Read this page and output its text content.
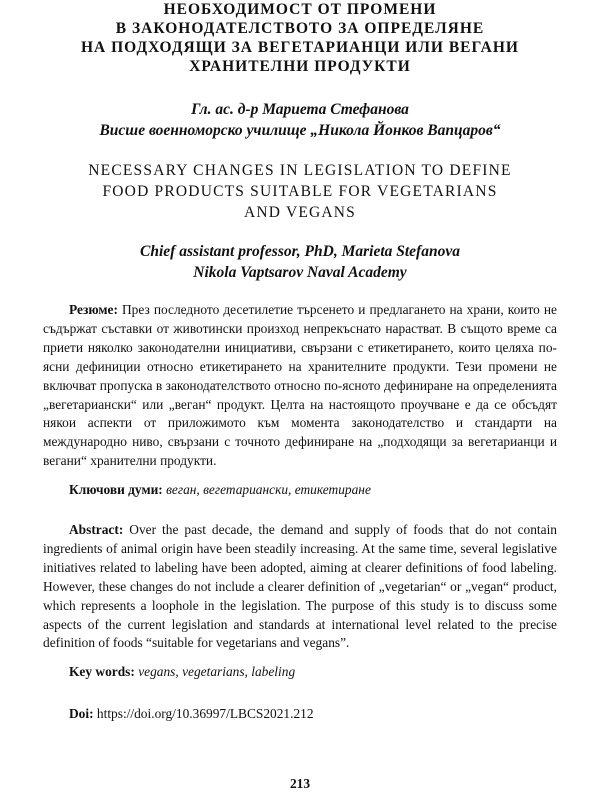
НЕОБХОДИМОСТ ОТ ПРОМЕНИ
В ЗАКОНОДАТЕЛСТВОТО ЗА ОПРЕДЕЛЯНЕ
НА ПОДХОДЯЩИ ЗА ВЕГЕТАРИАНЦИ ИЛИ ВЕГАНИ
ХРАНИТЕЛНИ ПРОДУКТИ
Гл. ас. д-р Мариета Стефанова
Висше военноморско училище „Никола Йонков Вапцаров“
NECESSARY CHANGES IN LEGISLATION TO DEFINE
FOOD PRODUCTS SUITABLE FOR VEGETARIANS
AND VEGANS
Chief assistant professor, PhD, Marieta Stefanova
Nikola Vaptsarov Naval Academy

Резюме: През последното десетилетие търсенето и предлагането на храни, които не съдържат съставки от животински произход непрекъснато нарастват. В същото време са приети няколко законодателни инициативи, свързани с етикетирането, които целяха по-ясни дефиниции относно етикетирането на хранителните продукти. Тези промени не включват пропуска в законодателството относно по-ясното дефиниране на определенията „вегетариански“ или „веган“ продукт. Целта на настоящото проучване е да се обсъдят някои аспекти от приложимото към момента законодателство и стандарти на международно ниво, свързани с точното дефиниране на „подходящи за вегетарианци и вегани“ хранителни продукти.

Ключови думи: веган, вегетариански, етикетиране

Abstract: Over the past decade, the demand and supply of foods that do not contain ingredients of animal origin have been steadily increasing. At the same time, several legislative initiatives related to labeling have been adopted, aiming at clearer definitions of food labeling. However, these changes do not include a clearer definition of „vegetarian“ or „vegan“ product, which represents a loophole in the legislation. The purpose of this study is to discuss some aspects of the current legislation and standards at international level related to the precise definition of foods “suitable for vegetarians and vegans”.

Key words: vegans, vegetarians, labeling

Doi: https://doi.org/10.36997/LBCS2021.212

213
